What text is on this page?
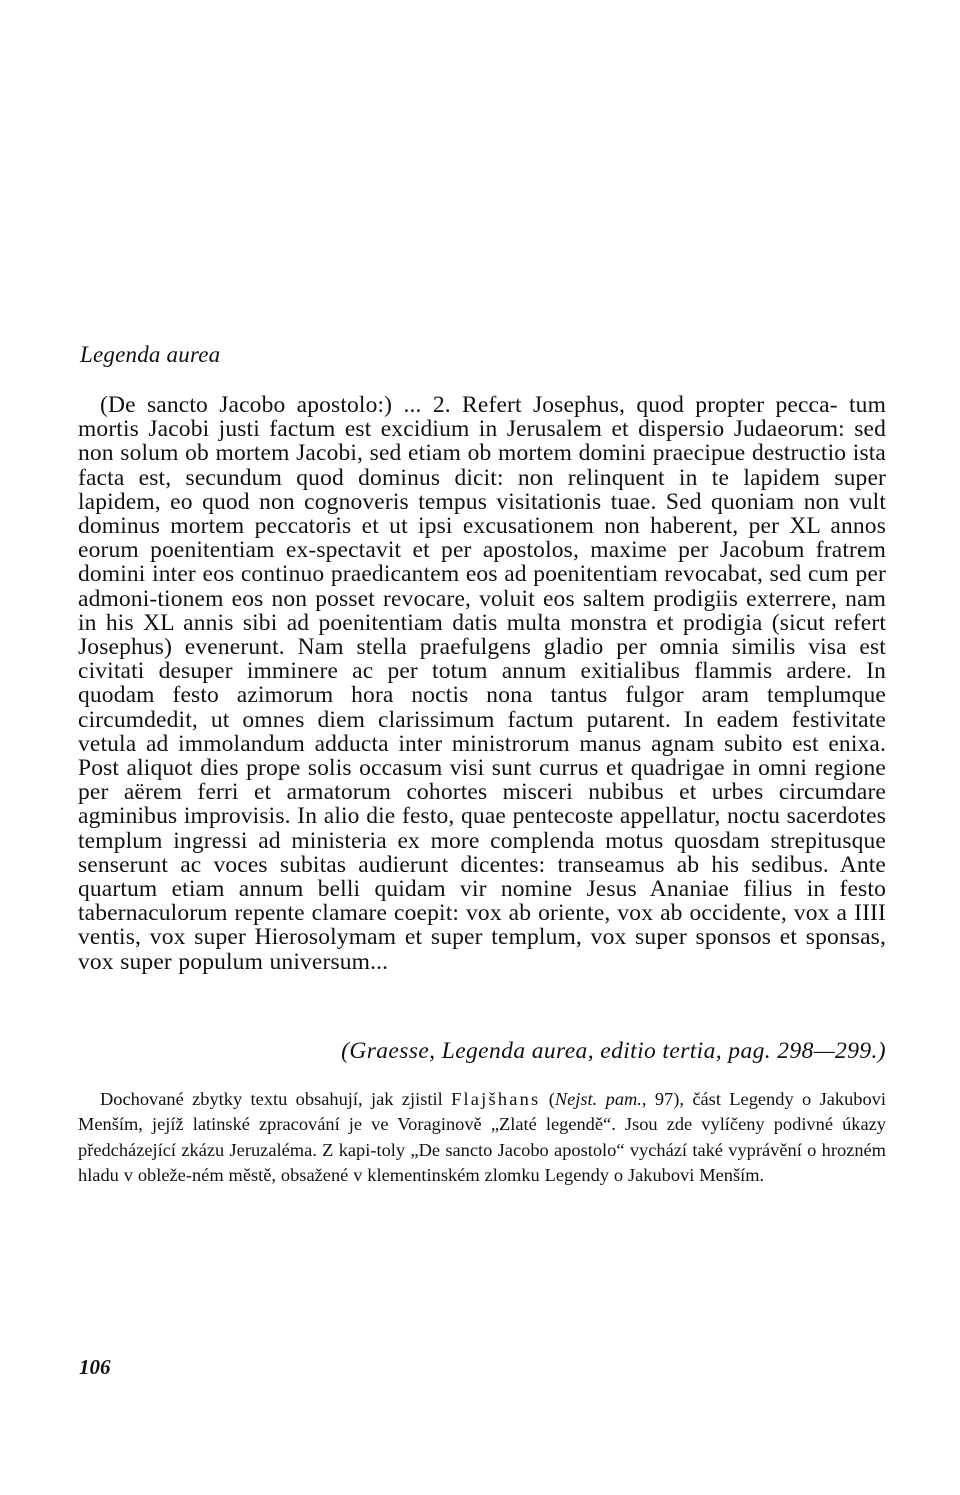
Legenda aurea
(De sancto Jacobo apostolo:) ... 2. Refert Josephus, quod propter pecca- tum mortis Jacobi justi factum est excidium in Jerusalem et dispersio Judaeorum: sed non solum ob mortem Jacobi, sed etiam ob mortem domini praecipue destructio ista facta est, secundum quod dominus dicit: non relinquent in te lapidem super lapidem, eo quod non cognoveris tempus visitationis tuae. Sed quoniam non vult dominus mortem peccatoris et ut ipsi excusationem non haberent, per XL annos eorum poenitentiam ex-spectavit et per apostolos, maxime per Jacobum fratrem domini inter eos continuo praedicantem eos ad poenitentiam revocabat, sed cum per admoni-tionem eos non posset revocare, voluit eos saltem prodigiis exterrere, nam in his XL annis sibi ad poenitentiam datis multa monstra et prodigia (sicut refert Josephus) evenerunt. Nam stella praefulgens gladio per omnia similis visa est civitati desuper imminere ac per totum annum exitialibus flammis ardere. In quodam festo azimorum hora noctis nona tantus fulgor aram templumque circumdedit, ut omnes diem clarissimum factum putarent. In eadem festivitate vetula ad immolandum adducta inter ministrorum manus agnam subito est enixa. Post aliquot dies prope solis occasum visi sunt currus et quadrigae in omni regione per aërem ferri et armatorum cohortes misceri nubibus et urbes circumdare agminibus improvisis. In alio die festo, quae pentecoste appellatur, noctu sacerdotes templum ingressi ad ministeria ex more complenda motus quosdam strepitusque senserunt ac voces subitas audierunt dicentes: transeamus ab his sedibus. Ante quartum etiam annum belli quidam vir nomine Jesus Ananiae filius in festo tabernaculorum repente clamare coepit: vox ab oriente, vox ab occidente, vox a IIII ventis, vox super Hierosolymam et super templum, vox super sponsos et sponsas, vox super populum universum...
(Graesse, Legenda aurea, editio tertia, pag. 298—299.)
Dochované zbytky textu obsahují, jak zjistil Flajšhans (Nejst. pam., 97), část Legendy o Jakubovi Menším, jejíž latinské zpracování je ve Voraginově „Zlaté legendě“. Jsou zde vylíčeny podivné úkazy předcházející zkázu Jeruzaléma. Z kapi-toly „De sancto Jacobo apostolo“ vychází také vyprávění o hrozném hladu v obleže-ném městě, obsažené v klementinském zlomku Legendy o Jakubovi Menším.
106
